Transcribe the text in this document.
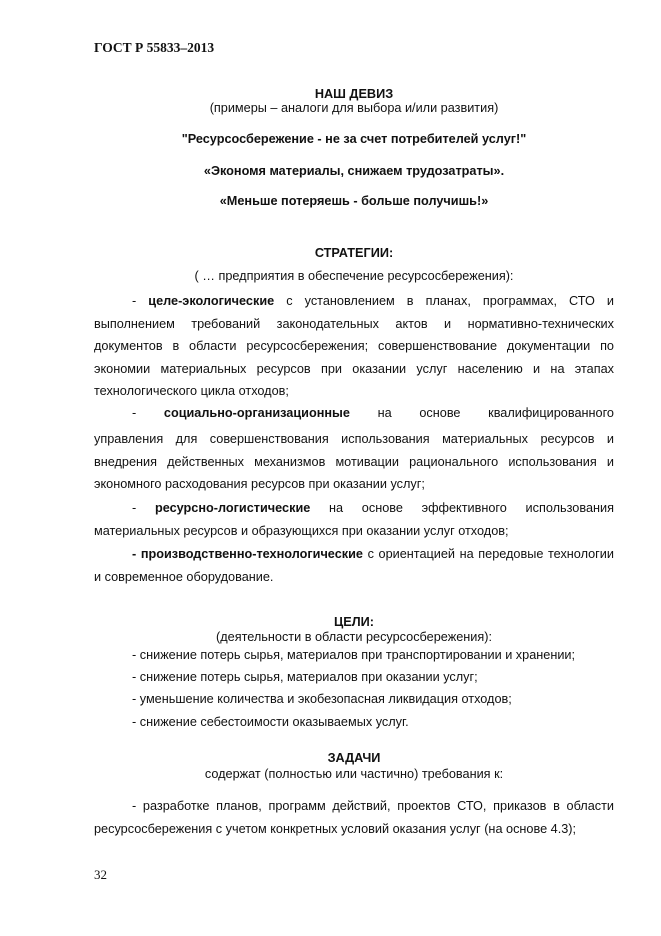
ГОСТ Р 55833–2013
НАШ ДЕВИЗ
(примеры – аналоги для выбора и/или развития)
"Ресурсосбережение - не за счет потребителей услуг!"
«Экономя материалы, снижаем трудозатраты».
«Меньше потеряешь - больше получишь!»
СТРАТЕГИИ:
( … предприятия в обеспечение ресурсосбережения):
- целе-экологические с установлением в планах, программах, СТО и выполнением требований законодательных актов и нормативно-технических документов в области ресурсосбережения; совершенствование документации по экономии материальных ресурсов при оказании услуг населению и на этапах технологического цикла отходов;
- социально-организационные на основе квалифицированного
управления для совершенствования использования материальных ресурсов и внедрения действенных механизмов мотивации рационального использования и экономного расходования ресурсов при оказании услуг;
- ресурсно-логистические на основе эффективного использования материальных ресурсов и образующихся при оказании услуг отходов;
- производственно-технологические с ориентацией на передовые технологии и современное оборудование.
ЦЕЛИ:
(деятельности в области ресурсосбережения):
- снижение потерь сырья, материалов при транспортировании и хранении;
- снижение потерь сырья, материалов при оказании услуг;
- уменьшение количества и экобезопасная ликвидация отходов;
- снижение себестоимости оказываемых услуг.
ЗАДАЧИ
содержат (полностью или частично) требования к:
- разработке планов, программ действий, проектов СТО, приказов в области ресурсосбережения с учетом конкретных условий оказания услуг (на основе 4.3);
32
